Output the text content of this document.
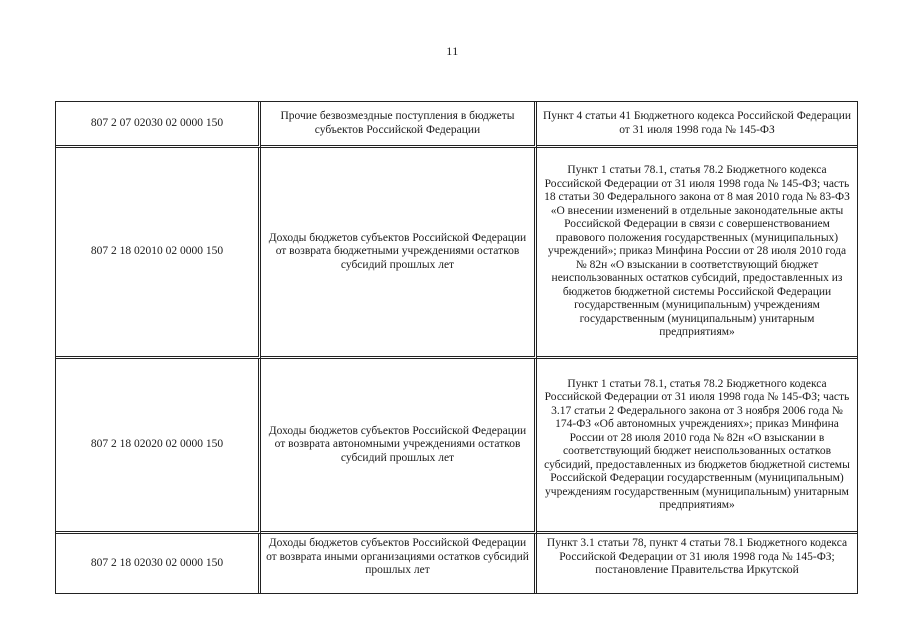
11
807 2 07 02030 02 0000 150	Прочие безвозмездные поступления в бюджеты субъектов Российской Федерации	Пункт 4 статьи 41 Бюджетного кодекса Российской Федерации от 31 июля 1998 года № 145-ФЗ

807 2 18 02010 02 0000 150	Доходы бюджетов субъектов Российской Федерации от возврата бюджетными учреждениями остатков субсидий прошлых лет	Пункт 1 статьи 78.1, статья 78.2 Бюджетного кодекса Российской Федерации от 31 июля 1998 года № 145-ФЗ; часть 18 статьи 30 Федерального закона от 8 мая 2010 года № 83-ФЗ «О внесении изменений в отдельные законодательные акты Российской Федерации в связи с совершенствованием правового положения государственных (муниципальных) учреждений»; приказ Минфина России от 28 июля 2010 года № 82н «О взыскании в соответствующий бюджет неиспользованных остатков субсидий, предоставленных из бюджетов бюджетной системы Российской Федерации государственным (муниципальным) учреждениям государственным (муниципальным) унитарным предприятиям»

807 2 18 02020 02 0000 150	Доходы бюджетов субъектов Российской Федерации от возврата автономными учреждениями остатков субсидий прошлых лет	Пункт 1 статьи 78.1, статья 78.2 Бюджетного кодекса Российской Федерации от 31 июля 1998 года № 145-ФЗ; часть 3.17 статьи 2 Федерального закона от 3 ноября 2006 года № 174-ФЗ «Об автономных учреждениях»; приказ Минфина России от 28 июля 2010 года № 82н «О взыскании в соответствующий бюджет неиспользованных остатков субсидий, предоставленных из бюджетов бюджетной системы Российской Федерации государственным (муниципальным) учреждениям государственным (муниципальным) унитарным предприятиям»

807 2 18 02030 02 0000 150	Доходы бюджетов субъектов Российской Федерации от возврата иными организациями остатков субсидий прошлых лет	Пункт 3.1 статьи 78, пункт 4 статьи 78.1 Бюджетного кодекса Российской Федерации от 31 июля 1998 года № 145-ФЗ; постановление Правительства Иркутской
